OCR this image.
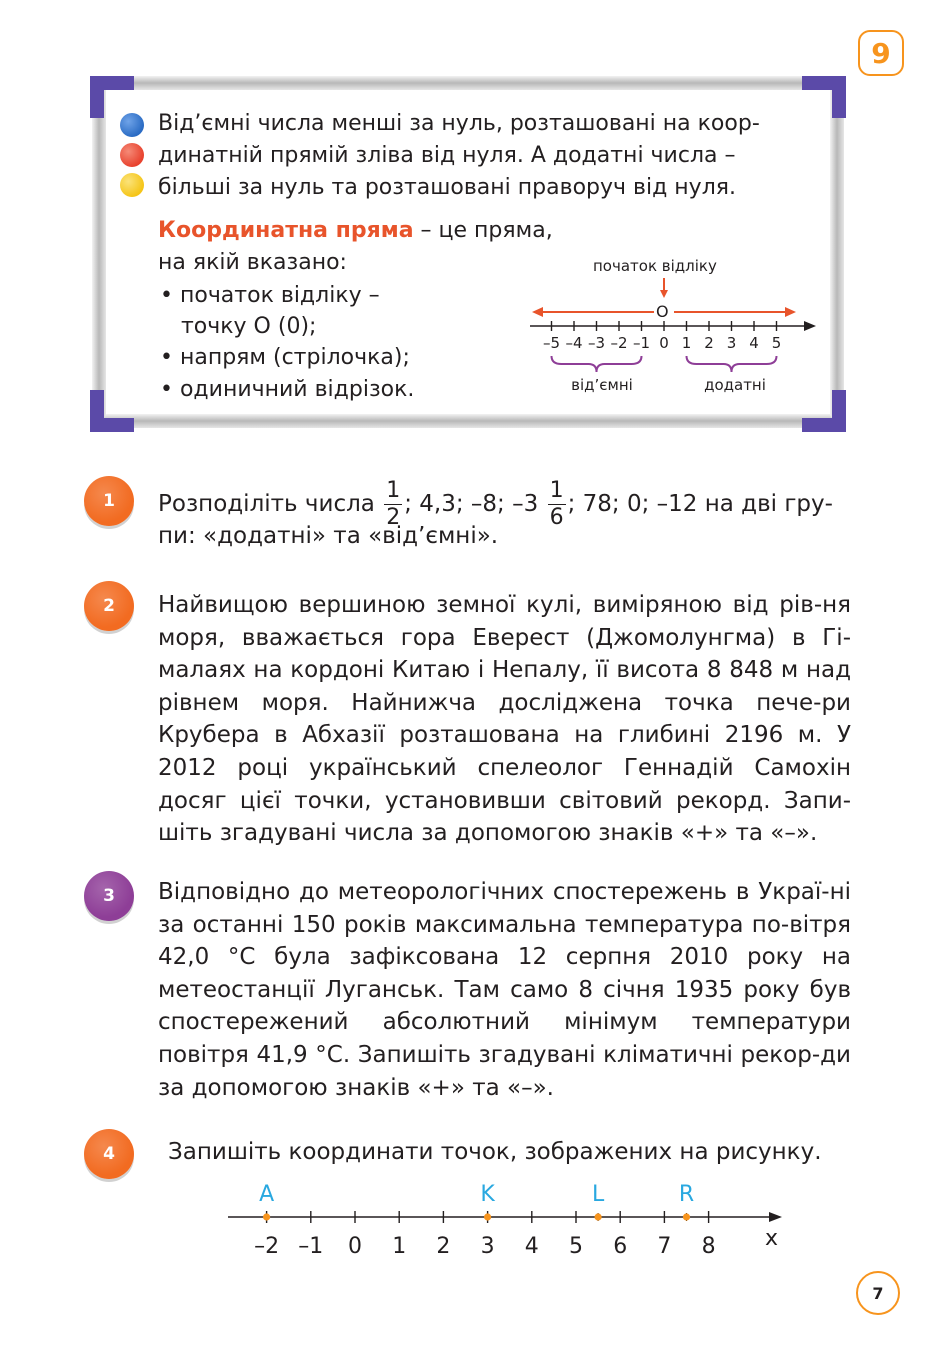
9
Від’ємні числа менші за нуль, розташовані на коор-
динатній прямій зліва від нуля. А додатні числа –
більші за нуль та розташовані праворуч від нуля.
Координатна пряма – це пряма,
на якій вказано:
• початок відліку –
точку О (0);
• напрям (стрілочка);
• одиничний відрізок.
–5 –4 –3 –2 –1 0 1 2 3 4 5
початок відліку
O
від’ємні	додатні
1	Розподіліть числа $\frac{1}{2}$ ; 4,3; –8; $-3 \frac{1}{6}$ ; 78; 0; –12 на дві гру-
пи: «додатні» та «від’ємні».
2	Найвищою вершиною земної кулі, виміряною від рів-ня моря, вважається гора Еверест (Джомолунгма) в Гі-малаях на кордоні Китаю і Непалу, її висота 8 848 м над рівнем моря. Найнижча досліджена точка пече-ри Крубера в Абхазії розташована на глибині 2196 м. У 2012 році український спелеолог Геннадій Самохін досяг цієї точки, установивши світовий рекорд. Запи-шіть згадувані числа за допомогою знаків «+» та «–».
3	Відповідно до метеорологічних спостережень в Украї-ні за останні 150 років максимальна температура по-вітря 42,0 °C була зафіксована 12 серпня 2010 року на метеостанції Луганськ. Там само 8 січня 1935 року був спостережений абсолютний мінімум температури повітря 41,9 °C. Запишіть згадувані кліматичні рекор-ди за допомогою знаків «+» та «–».
4	Запишіть координати точок, зображених на рисунку.
–2 –1 0 1 2 3 4 5 6 7 8 x
A	K	L	R
7
